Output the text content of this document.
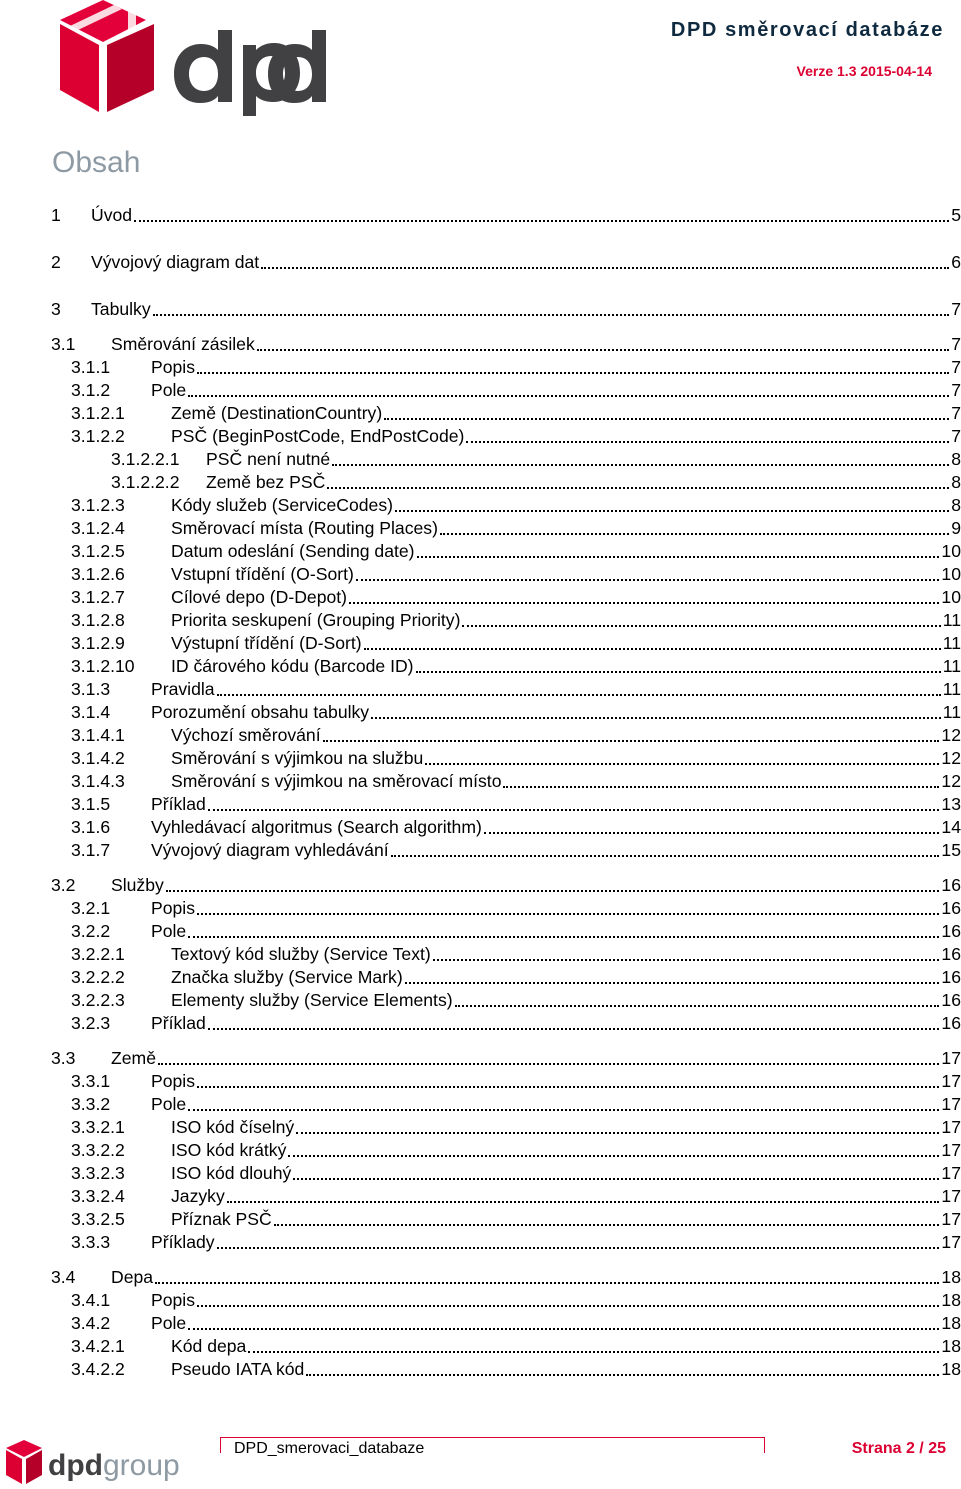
DPD směrovací databáze
Verze 1.3 2015-04-14
Obsah
1	Úvod	5
2	Vývojový diagram dat	6
3	Tabulky	7
3.1	Směrování zásilek	7
3.1.1	Popis	7
3.1.2	Pole	7
3.1.2.1	Země (DestinationCountry)	7
3.1.2.2	PSČ (BeginPostCode, EndPostCode)	7
3.1.2.2.1	PSČ není nutné	8
3.1.2.2.2	Země bez PSČ	8
3.1.2.3	Kódy služeb (ServiceCodes)	8
3.1.2.4	Směrovací místa (Routing Places)	9
3.1.2.5	Datum odeslání (Sending date)	10
3.1.2.6	Vstupní třídění (O-Sort)	10
3.1.2.7	Cílové depo (D-Depot)	10
3.1.2.8	Priorita seskupení (Grouping Priority)	11
3.1.2.9	Výstupní třídění (D-Sort)	11
3.1.2.10	ID čárového kódu (Barcode ID)	11
3.1.3	Pravidla	11
3.1.4	Porozumění obsahu tabulky	11
3.1.4.1	Výchozí směrování	12
3.1.4.2	Směrování s výjimkou na službu	12
3.1.4.3	Směrování s výjimkou na směrovací místo	12
3.1.5	Příklad	13
3.1.6	Vyhledávací algoritmus (Search algorithm)	14
3.1.7	Vývojový diagram vyhledávání	15
3.2	Služby	16
3.2.1	Popis	16
3.2.2	Pole	16
3.2.2.1	Textový kód služby (Service Text)	16
3.2.2.2	Značka služby (Service Mark)	16
3.2.2.3	Elementy služby (Service Elements)	16
3.2.3	Příklad	16
3.3	Země	17
3.3.1	Popis	17
3.3.2	Pole	17
3.3.2.1	ISO kód číselný	17
3.3.2.2	ISO kód krátký	17
3.3.2.3	ISO kód dlouhý	17
3.3.2.4	Jazyky	17
3.3.2.5	Příznak PSČ	17
3.3.3	Příklady	17
3.4	Depa	18
3.4.1	Popis	18
3.4.2	Pole	18
3.4.2.1	Kód depa	18
3.4.2.2	Pseudo IATA kód	18
dpd group
DPD_smerovaci_databaze	Strana 2 / 25
